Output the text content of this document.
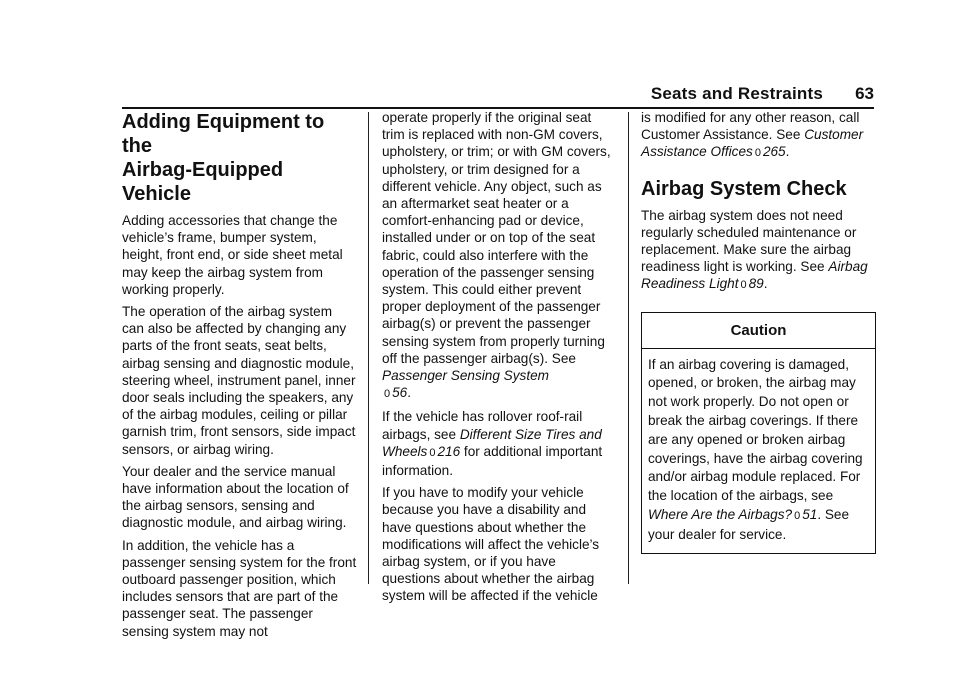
Seats and Restraints 63
Adding Equipment to the
Airbag-Equipped Vehicle

Adding accessories that change the vehicle’s frame, bumper system, height, front end, or side sheet metal may keep the airbag system from working properly.

The operation of the airbag system can also be affected by changing any parts of the front seats, seat belts, airbag sensing and diagnostic module, steering wheel, instrument panel, inner door seals including the speakers, any of the airbag modules, ceiling or pillar garnish trim, front sensors, side impact sensors, or airbag wiring.

Your dealer and the service manual have information about the location of the airbag sensors, sensing and diagnostic module, and airbag wiring.

In addition, the vehicle has a passenger sensing system for the front outboard passenger position, which includes sensors that are part of the passenger seat. The passenger sensing system may not

operate properly if the original seat trim is replaced with non-GM covers, upholstery, or trim; or with GM covers, upholstery, or trim designed for a different vehicle. Any object, such as an aftermarket seat heater or a comfort-enhancing pad or device, installed under or on top of the seat fabric, could also interfere with the operation of the passenger sensing system. This could either prevent proper deployment of the passenger airbag(s) or prevent the passenger sensing system from properly turning off the passenger airbag(s). See Passenger Sensing System
0 56.

If the vehicle has rollover roof-rail airbags, see Different Size Tires and Wheels 0 216 for additional important information.

If you have to modify your vehicle because you have a disability and have questions about whether the modifications will affect the vehicle’s airbag system, or if you have questions about whether the airbag system will be affected if the vehicle

is modified for any other reason, call Customer Assistance. See Customer Assistance Offices 0 265.

Airbag System Check

The airbag system does not need regularly scheduled maintenance or replacement. Make sure the airbag readiness light is working. See Airbag Readiness Light 0 89.

Caution
If an airbag covering is damaged, opened, or broken, the airbag may not work properly. Do not open or break the airbag coverings. If there are any opened or broken airbag coverings, have the airbag covering and/or airbag module replaced. For the location of the airbags, see Where Are the Airbags? 0 51. See your dealer for service.
